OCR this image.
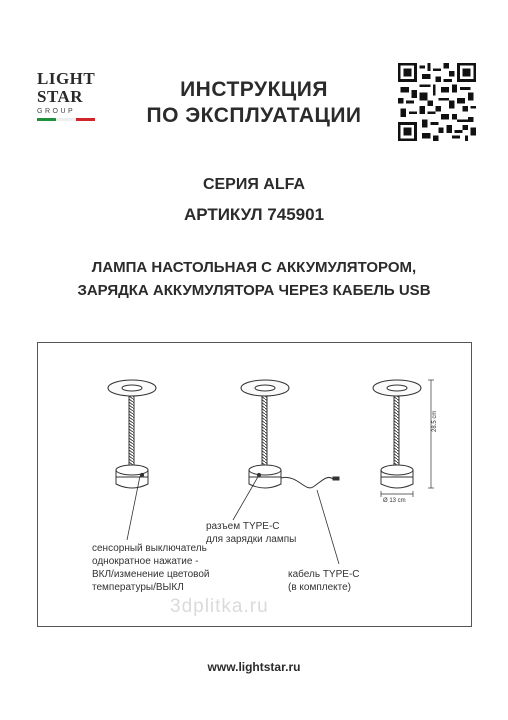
LIGHT
STAR
GROUP
ИНСТРУКЦИЯ
ПО ЭКСПЛУАТАЦИИ
СЕРИЯ ALFA
АРТИКУЛ 745901
ЛАМПА НАСТОЛЬНАЯ С АККУМУЛЯТОРОМ,
ЗАРЯДКА АККУМУЛЯТОРА ЧЕРЕЗ КАБЕЛЬ USB
Ø 13 cm
28.5 cm
разъем TYPE-C
для зарядки лампы
сенсорный выключатель
однократное нажатие -
ВКЛ/изменение цветовой
температуры/ВЫКЛ
кабель TYPE-C
(в комплекте)
3dplitka.ru
www.lightstar.ru
